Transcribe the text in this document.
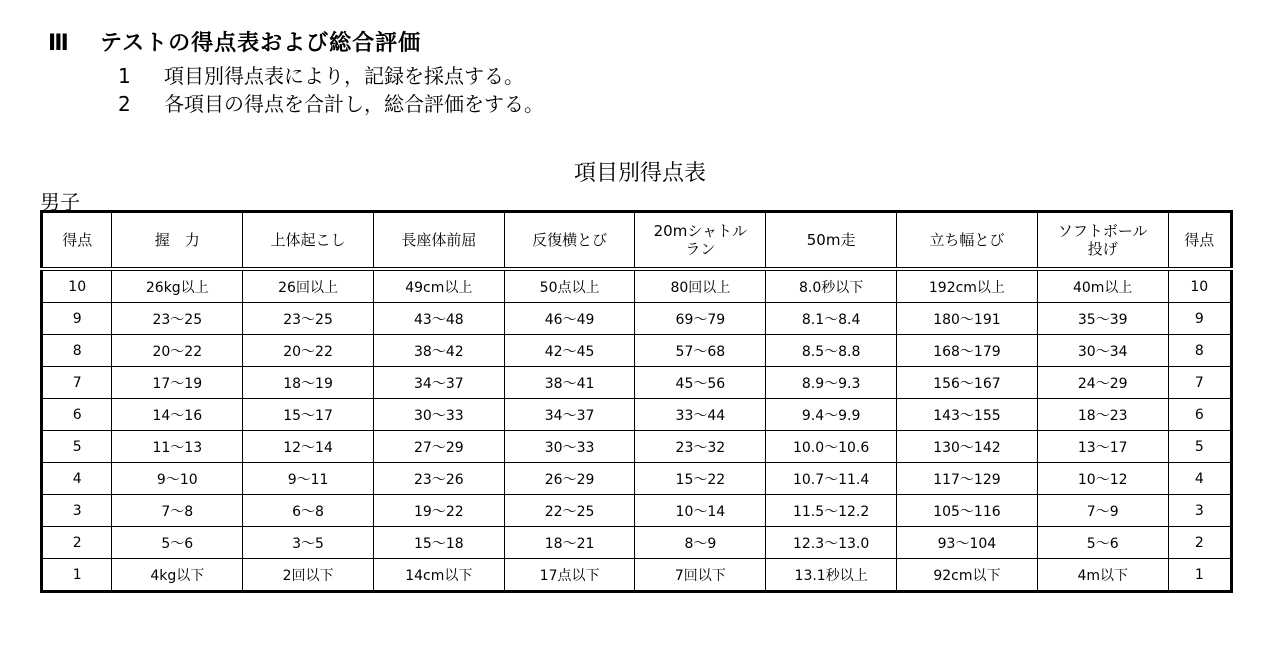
Ⅲ テストの得点表および総合評価
1 項目別得点表により，記録を採点する。
2 各項目の得点を合計し，総合評価をする。
項目別得点表
男子
得点	握　力	上体起こし	長座体前屈	反復横とび	20mシャトルラン	50m走	立ち幅とび	ソフトボール投げ	得点
10	26kg以上	26回以上	49cm以上	50点以上	80回以上	8.0秒以下	192cm以上	40m以上	10
9	23～25	23～25	43～48	46～49	69～79	8.1～8.4	180～191	35～39	9
8	20～22	20～22	38～42	42～45	57～68	8.5～8.8	168～179	30～34	8
7	17～19	18～19	34～37	38～41	45～56	8.9～9.3	156～167	24～29	7
6	14～16	15～17	30～33	34～37	33～44	9.4～9.9	143～155	18～23	6
5	11～13	12～14	27～29	30～33	23～32	10.0～10.6	130～142	13～17	5
4	9～10	9～11	23～26	26～29	15～22	10.7～11.4	117～129	10～12	4
3	7～8	6～8	19～22	22～25	10～14	11.5～12.2	105～116	7～9	3
2	5～6	3～5	15～18	18～21	8～9	12.3～13.0	93～104	5～6	2
1	4kg以下	2回以下	14cm以下	17点以下	7回以下	13.1秒以上	92cm以下	4m以下	1
